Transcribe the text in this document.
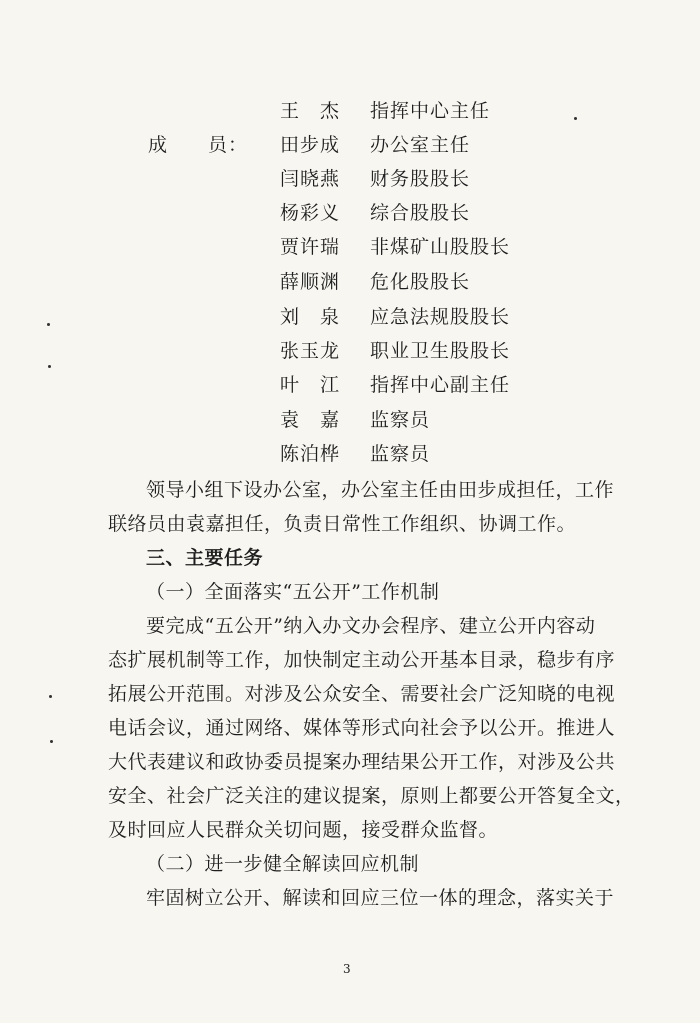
王　杰 指挥中心主任
成　　员： 田步成 办公室主任
闫晓燕 财务股股长
杨彩义 综合股股长
贾许瑞 非煤矿山股股长
薛顺渊 危化股股长
刘　泉 应急法规股股长
张玉龙 职业卫生股股长
叶　江 指挥中心副主任
袁　嘉 监察员
陈泊桦 监察员
领导小组下设办公室，办公室主任由田步成担任，工作
联络员由袁嘉担任，负责日常性工作组织、协调工作。
三、主要任务
（一）全面落实“五公开”工作机制
要完成“五公开”纳入办文办会程序、建立公开内容动
态扩展机制等工作，加快制定主动公开基本目录，稳步有序
拓展公开范围。对涉及公众安全、需要社会广泛知晓的电视
电话会议，通过网络、媒体等形式向社会予以公开。推进人
大代表建议和政协委员提案办理结果公开工作，对涉及公共
安全、社会广泛关注的建议提案，原则上都要公开答复全文，
及时回应人民群众关切问题，接受群众监督。
（二）进一步健全解读回应机制
牢固树立公开、解读和回应三位一体的理念，落实关于
3
